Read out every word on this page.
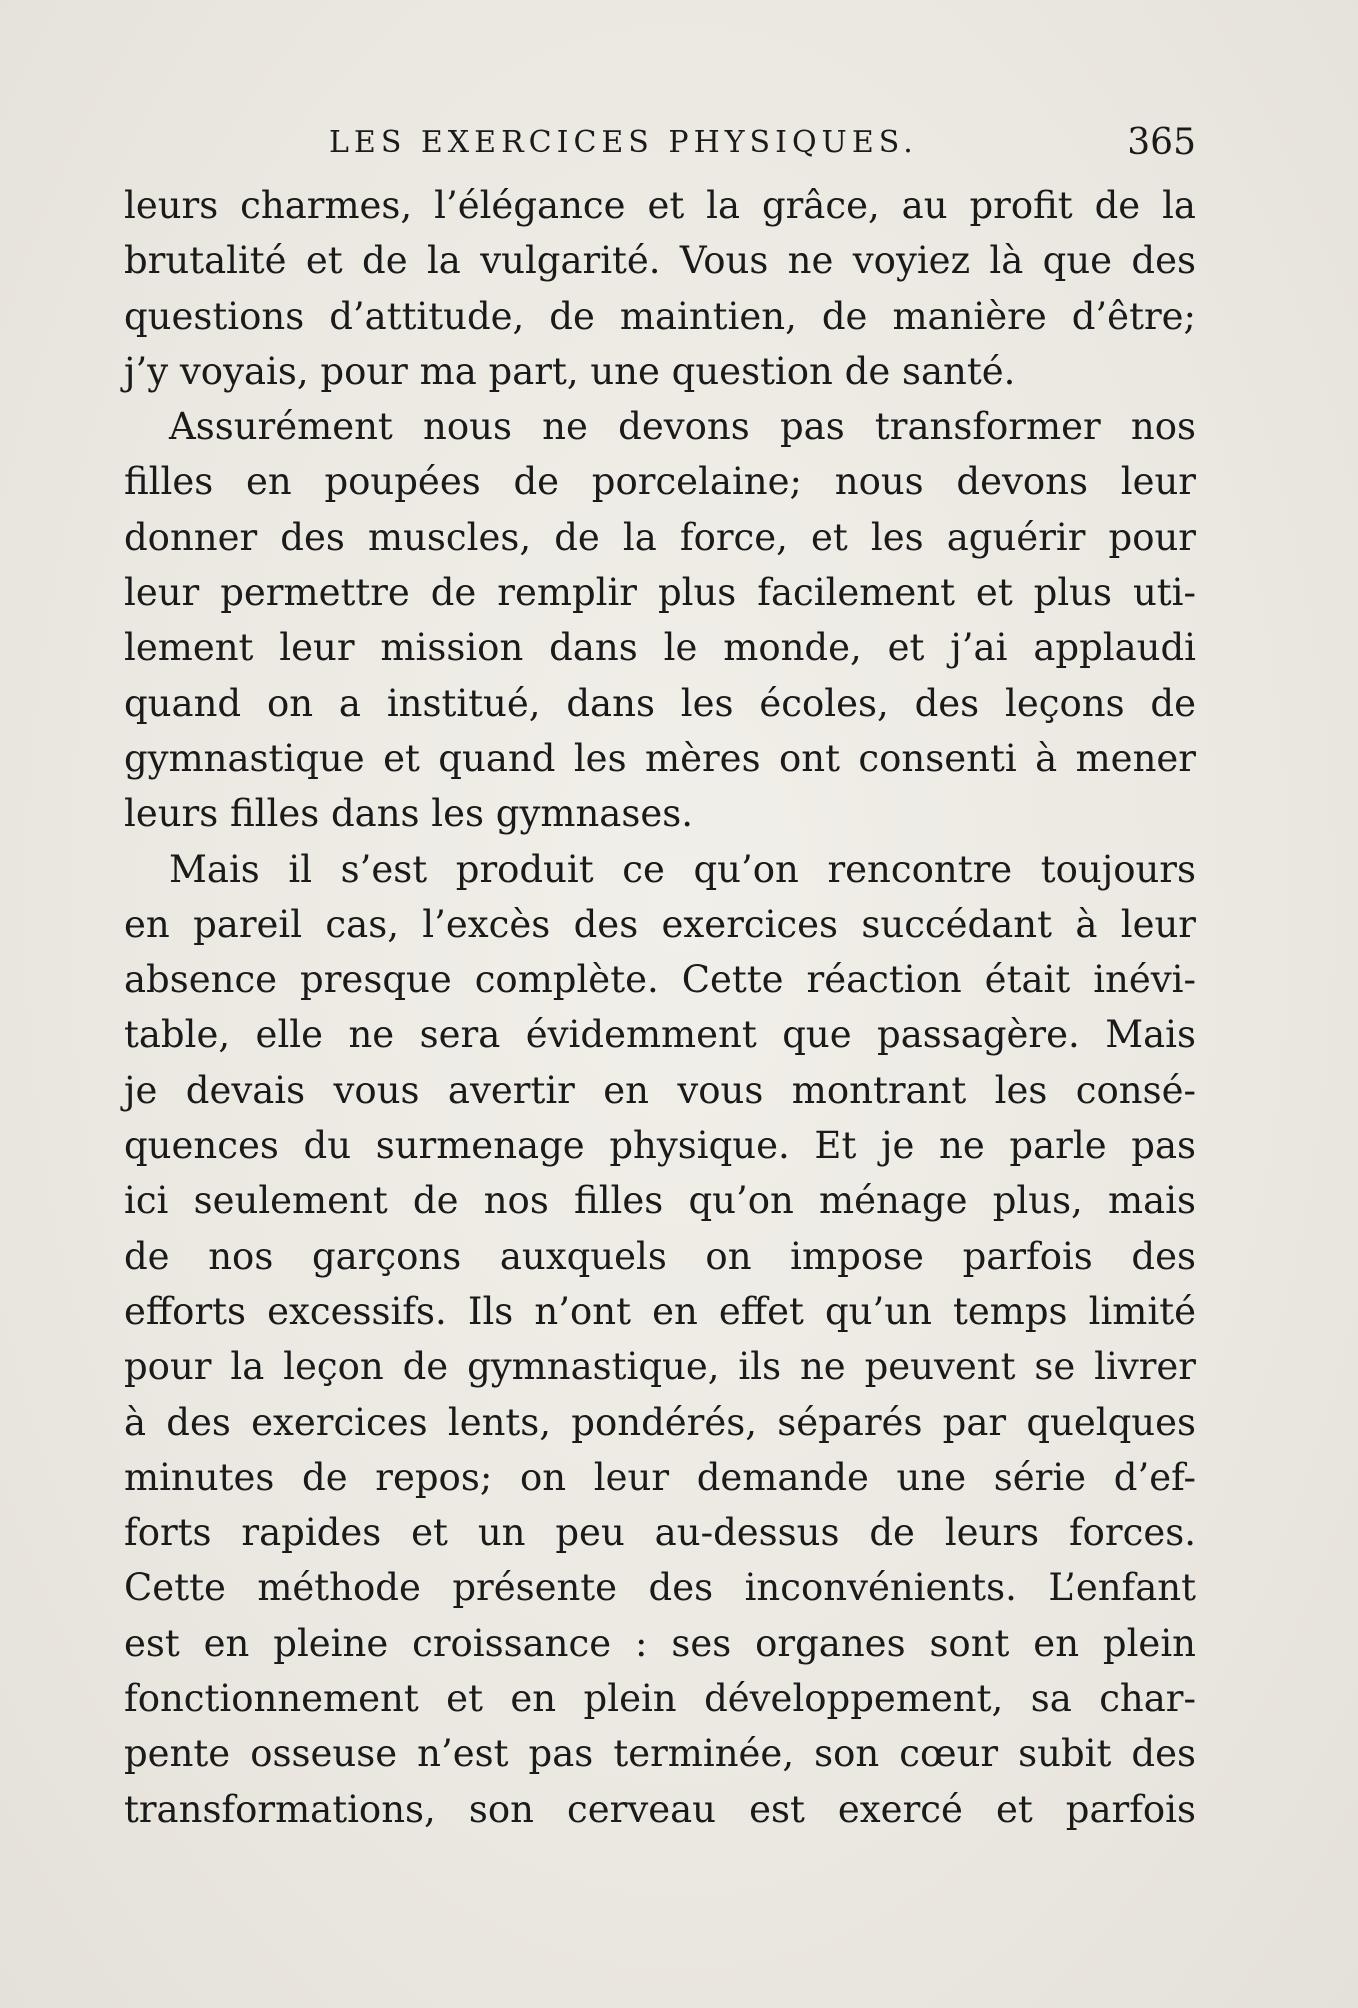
LES EXERCICES PHYSIQUES.	365
leurs charmes, l’élégance et la grâce, au profit de la
brutalité et de la vulgarité. Vous ne voyiez là que des
questions d’attitude, de maintien, de manière d’être;
j’y voyais, pour ma part, une question de santé.
Assurément nous ne devons pas transformer nos
filles en poupées de porcelaine; nous devons leur
donner des muscles, de la force, et les aguérir pour
leur permettre de remplir plus facilement et plus uti-
lement leur mission dans le monde, et j’ai applaudi
quand on a institué, dans les écoles, des leçons de
gymnastique et quand les mères ont consenti à mener
leurs filles dans les gymnases.
Mais il s’est produit ce qu’on rencontre toujours
en pareil cas, l’excès des exercices succédant à leur
absence presque complète. Cette réaction était inévi-
table, elle ne sera évidemment que passagère. Mais
je devais vous avertir en vous montrant les consé-
quences du surmenage physique. Et je ne parle pas
ici seulement de nos filles qu’on ménage plus, mais
de nos garçons auxquels on impose parfois des
efforts excessifs. Ils n’ont en effet qu’un temps limité
pour la leçon de gymnastique, ils ne peuvent se livrer
à des exercices lents, pondérés, séparés par quelques
minutes de repos; on leur demande une série d’ef-
forts rapides et un peu au-dessus de leurs forces.
Cette méthode présente des inconvénients. L’enfant
est en pleine croissance : ses organes sont en plein
fonctionnement et en plein développement, sa char-
pente osseuse n’est pas terminée, son cœur subit des
transformations, son cerveau est exercé et parfois
